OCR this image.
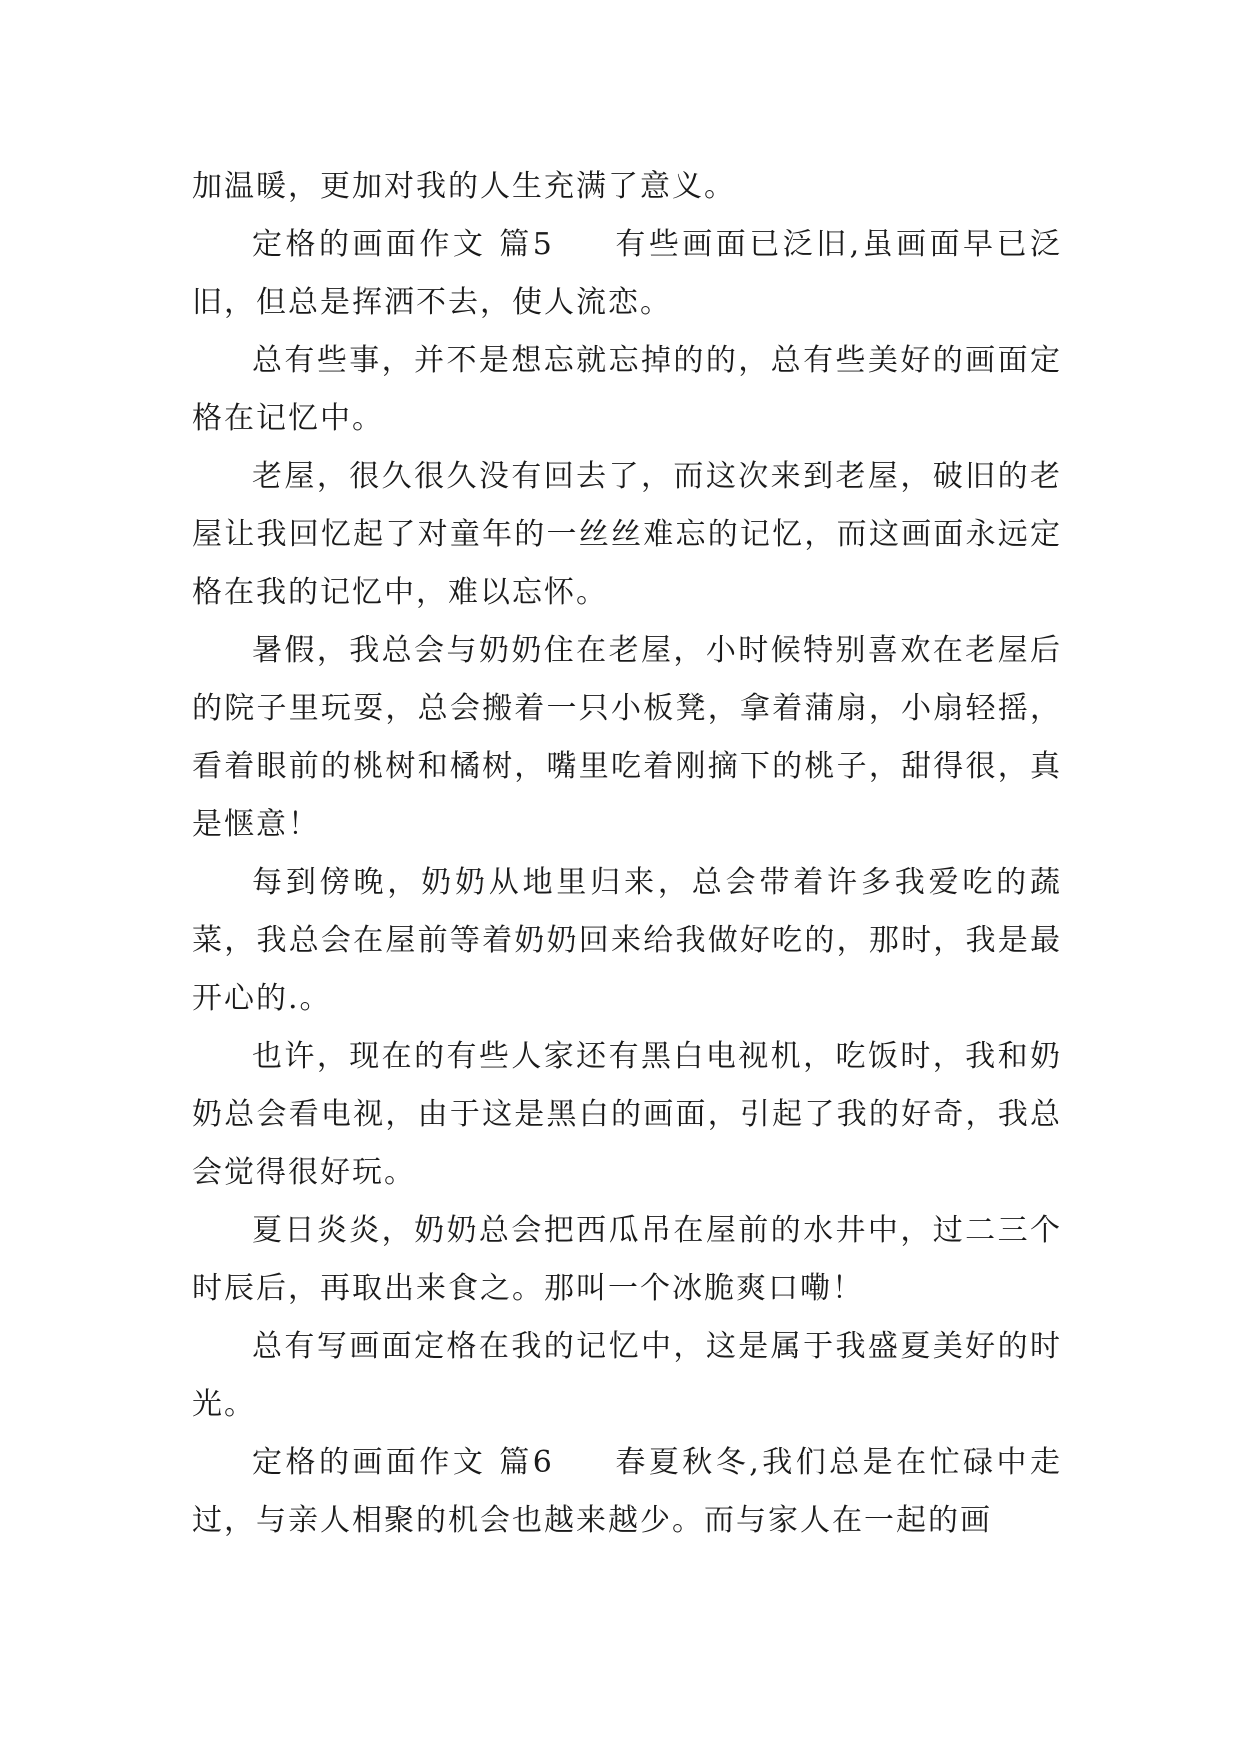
加温暖，更加对我的人生充满了意义。

定格的画面作文 篇5 有些画面已泛旧,虽画面早已泛旧，但总是挥洒不去，使人流恋。

总有些事，并不是想忘就忘掉的的，总有些美好的画面定格在记忆中。

老屋，很久很久没有回去了，而这次来到老屋，破旧的老屋让我回忆起了对童年的一丝丝难忘的记忆，而这画面永远定格在我的记忆中，难以忘怀。

暑假，我总会与奶奶住在老屋，小时候特别喜欢在老屋后的院子里玩耍，总会搬着一只小板凳，拿着蒲扇，小扇轻摇，看着眼前的桃树和橘树，嘴里吃着刚摘下的桃子，甜得很，真是惬意！

每到傍晚，奶奶从地里归来，总会带着许多我爱吃的蔬菜，我总会在屋前等着奶奶回来给我做好吃的，那时，我是最开心的.。

也许，现在的有些人家还有黑白电视机，吃饭时，我和奶奶总会看电视，由于这是黑白的画面，引起了我的好奇，我总会觉得很好玩。

夏日炎炎，奶奶总会把西瓜吊在屋前的水井中，过二三个时辰后，再取出来食之。那叫一个冰脆爽口嘞！

总有写画面定格在我的记忆中，这是属于我盛夏美好的时光。

定格的画面作文 篇6 春夏秋冬,我们总是在忙碌中走过，与亲人相聚的机会也越来越少。而与家人在一起的画
